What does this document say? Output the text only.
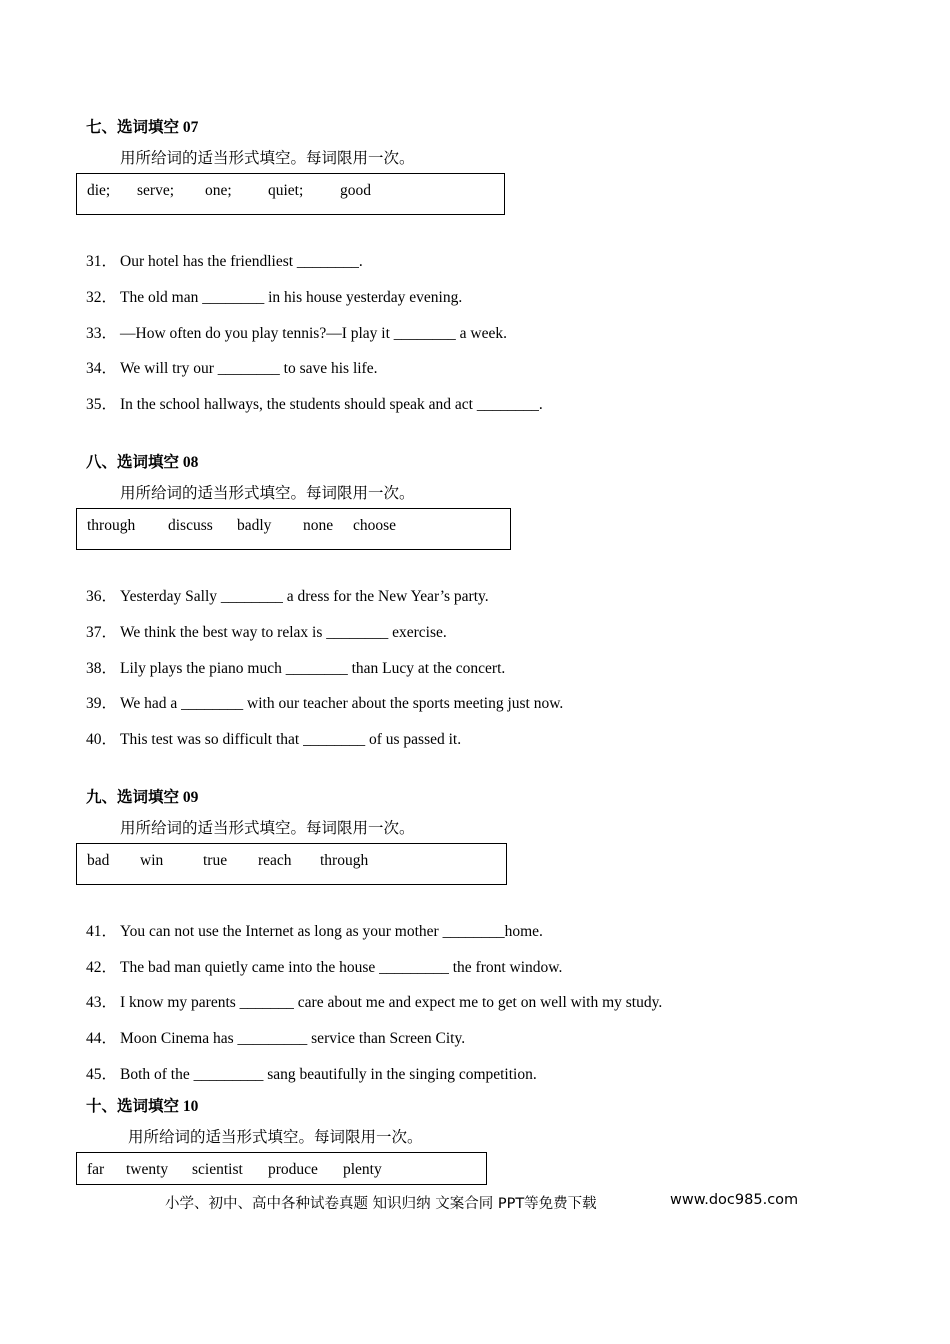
七、选词填空 07
用所给词的适当形式填空。每词限用一次。
die; serve; one; quiet; good
31． Our hotel has the friendliest ________.
32． The old man ________ in his house yesterday evening.
33． —How often do you play tennis?—I play it ________ a week.
34． We will try our ________ to save his life.
35． In the school hallways, the students should speak and act ________.
八、选词填空 08
用所给词的适当形式填空。每词限用一次。
through discuss badly none choose
36． Yesterday Sally ________ a dress for the New Year’s party.
37． We think the best way to relax is ________ exercise.
38． Lily plays the piano much ________ than Lucy at the concert.
39． We had a ________ with our teacher about the sports meeting just now.
40． This test was so difficult that ________ of us passed it.
九、选词填空 09
用所给词的适当形式填空。每词限用一次。
bad win	true reach through
41． You can not use the Internet as long as your mother ________home.
42． The bad man quietly came into the house _________ the front window.
43． I know my parents _______ care about me and expect me to get on well with my study.
44． Moon Cinema has _________ service than Screen City.
45． Both of the _________ sang beautifully in the singing competition.
十、选词填空 10
用所给词的适当形式填空。每词限用一次。
far twenty scientist produce plenty
小学、初中、高中各种试卷真题 知识归纳 文案合同 PPT等免费下载	www.doc985.com
